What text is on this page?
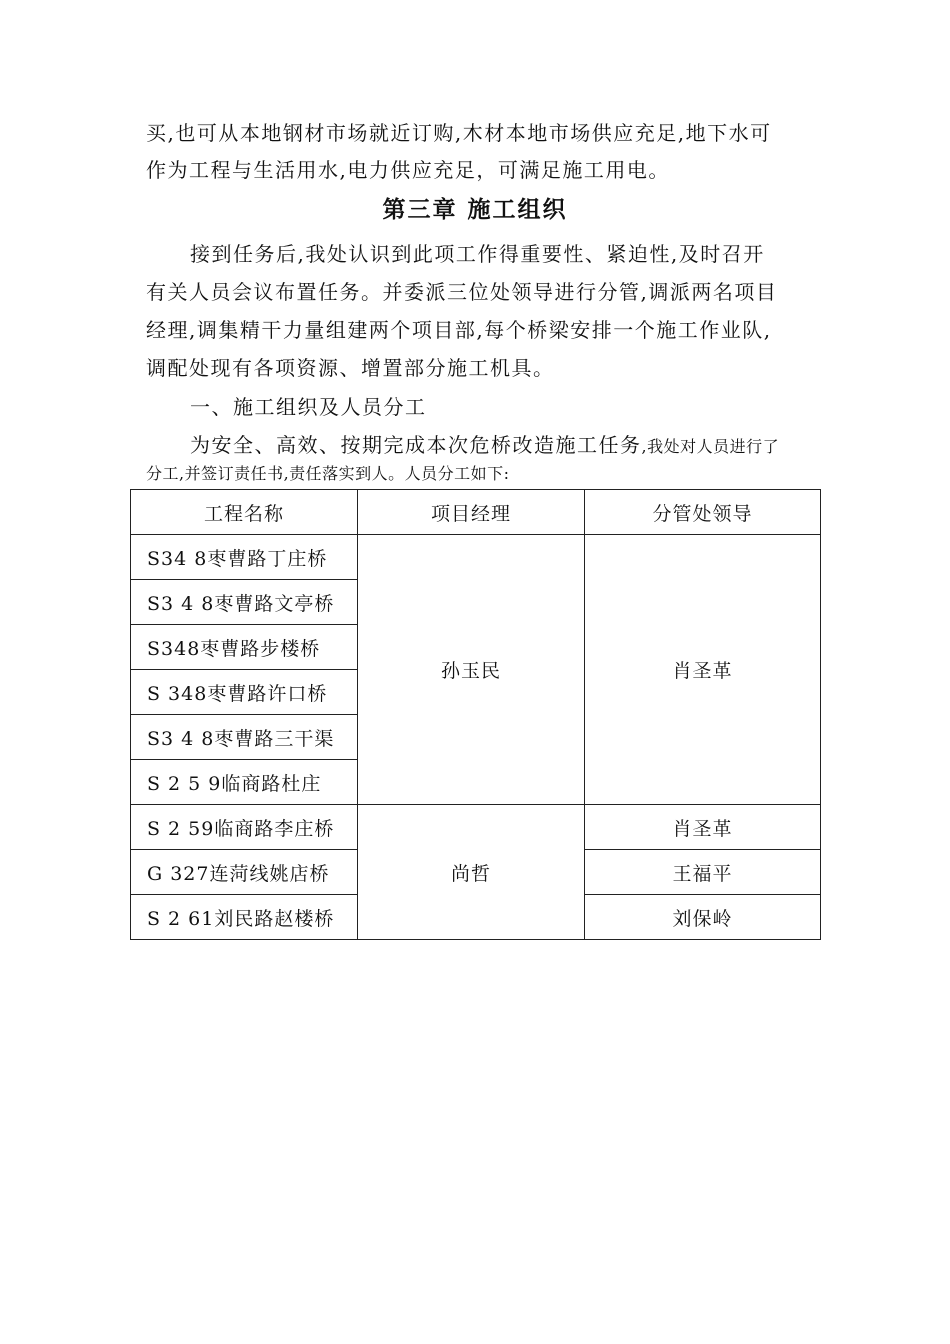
买,也可从本地钢材市场就近订购,木材本地市场供应充足,地下水可
作为工程与生活用水,电力供应充足，可满足施工用电。
第三章 施工组织
接到任务后,我处认识到此项工作得重要性、紧迫性,及时召开
有关人员会议布置任务。并委派三位处领导进行分管,调派两名项目
经理,调集精干力量组建两个项目部,每个桥梁安排一个施工作业队,
调配处现有各项资源、增置部分施工机具。
一、施工组织及人员分工
为安全、高效、按期完成本次危桥改造施工任务,我处对人员进行了
分工,并签订责任书,责任落实到人。人员分工如下:
工程名称	项目经理	分管处领导
S34 8枣曹路丁庄桥	孙玉民	肖圣革
S3 4 8枣曹路文亭桥		
S348枣曹路步楼桥		
S 348枣曹路许口桥		
S3 4 8枣曹路三干渠		
S 2 5 9临商路杜庄		
S 2 59临商路李庄桥	尚哲	肖圣革
G 327连菏线姚店桥		王福平
S 2 61刘民路赵楼桥		刘保岭
